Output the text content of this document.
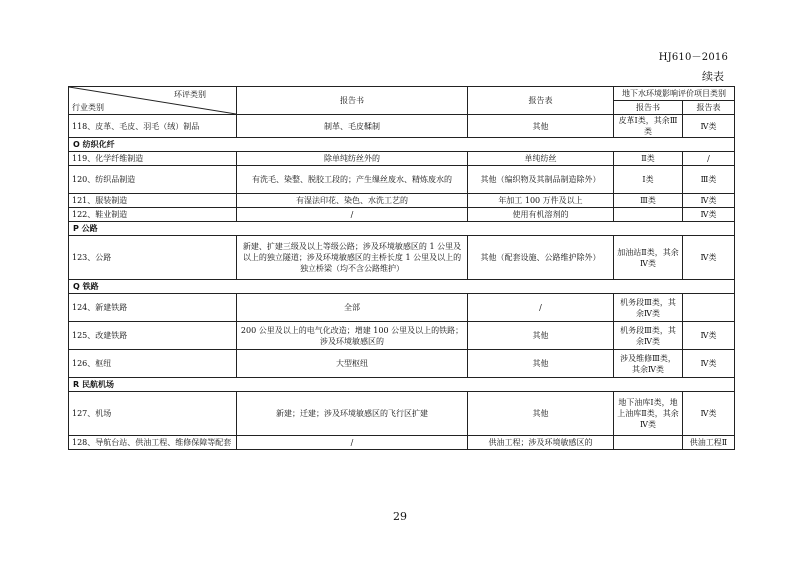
HJ610－2016
续表
环评类别
行业类别	报告书	报告表	地下水环境影响评价项目类别	
			报告书	报告表
118、皮革、毛皮、羽毛（绒）制品	制革、毛皮鞣制	其他	皮革Ⅰ类，其余Ⅲ类	Ⅳ类
O 纺织化纤				
119、化学纤维制造	除单纯纺丝外的	单纯纺丝	Ⅱ类	/
120、纺织品制造	有洗毛、染整、脱胶工段的；产生缫丝废水、精炼废水的	其他（编织物及其制品制造除外）	Ⅰ类	Ⅲ类
121、服装制造	有湿法印花、染色、水洗工艺的	年加工 100 万件及以上	Ⅲ类	Ⅳ类
122、鞋业制造	/	使用有机溶剂的		Ⅳ类
P 公路				
123、公路	新建、扩建三级及以上等级公路；涉及环境敏感区的 1 公里及以上的独立隧道；涉及环境敏感区的主桥长度 1 公里及以上的独立桥梁（均不含公路维护）	其他（配套设施、公路维护除外）	加油站Ⅱ类，其余Ⅳ类	Ⅳ类
Q 铁路				
124、新建铁路	全部	/	机务段Ⅲ类，其余Ⅳ类	
125、改建铁路	200 公里及以上的电气化改造；增建 100 公里及以上的铁路；涉及环境敏感区的	其他	机务段Ⅲ类，其余Ⅳ类	Ⅳ类
126、枢纽	大型枢纽	其他	涉及维修Ⅲ类，其余Ⅳ类	Ⅳ类
R 民航机场				
127、机场	新建；迁建；涉及环境敏感区的飞行区扩建	其他	地下油库Ⅰ类，地上油库Ⅱ类，其余Ⅳ类	Ⅳ类
128、导航台站、供油工程、维修保障等配套	/	供油工程；涉及环境敏感区的		供油工程Ⅱ
29
